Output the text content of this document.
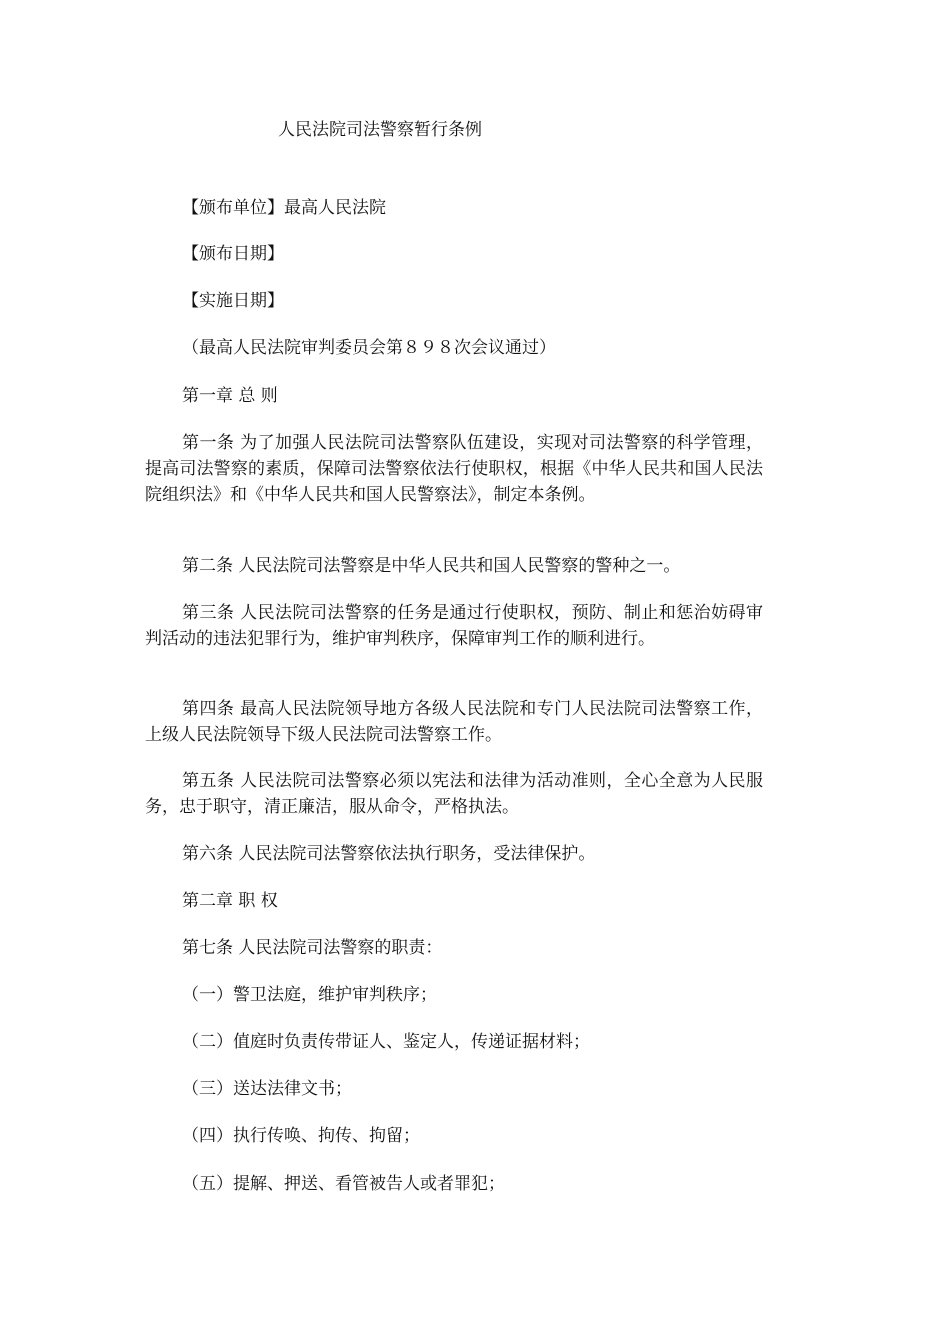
人民法院司法警察暂行条例
【颁布单位】最高人民法院
【颁布日期】
【实施日期】
（最高人民法院审判委员会第８９８次会议通过）
第一章 总 则
第一条 为了加强人民法院司法警察队伍建设，实现对司法警察的科学管理，提高司法警察的素质，保障司法警察依法行使职权，根据《中华人民共和国人民法院组织法》和《中华人民共和国人民警察法》，制定本条例。
第二条 人民法院司法警察是中华人民共和国人民警察的警种之一。
第三条 人民法院司法警察的任务是通过行使职权，预防、制止和惩治妨碍审判活动的违法犯罪行为，维护审判秩序，保障审判工作的顺利进行。
第四条 最高人民法院领导地方各级人民法院和专门人民法院司法警察工作，上级人民法院领导下级人民法院司法警察工作。
第五条 人民法院司法警察必须以宪法和法律为活动准则，全心全意为人民服务，忠于职守，清正廉洁，服从命令，严格执法。
第六条 人民法院司法警察依法执行职务，受法律保护。
第二章 职 权
第七条 人民法院司法警察的职责：
（一）警卫法庭，维护审判秩序；
（二）值庭时负责传带证人、鉴定人，传递证据材料；
（三）送达法律文书；
（四）执行传唤、拘传、拘留；
（五）提解、押送、看管被告人或者罪犯；
